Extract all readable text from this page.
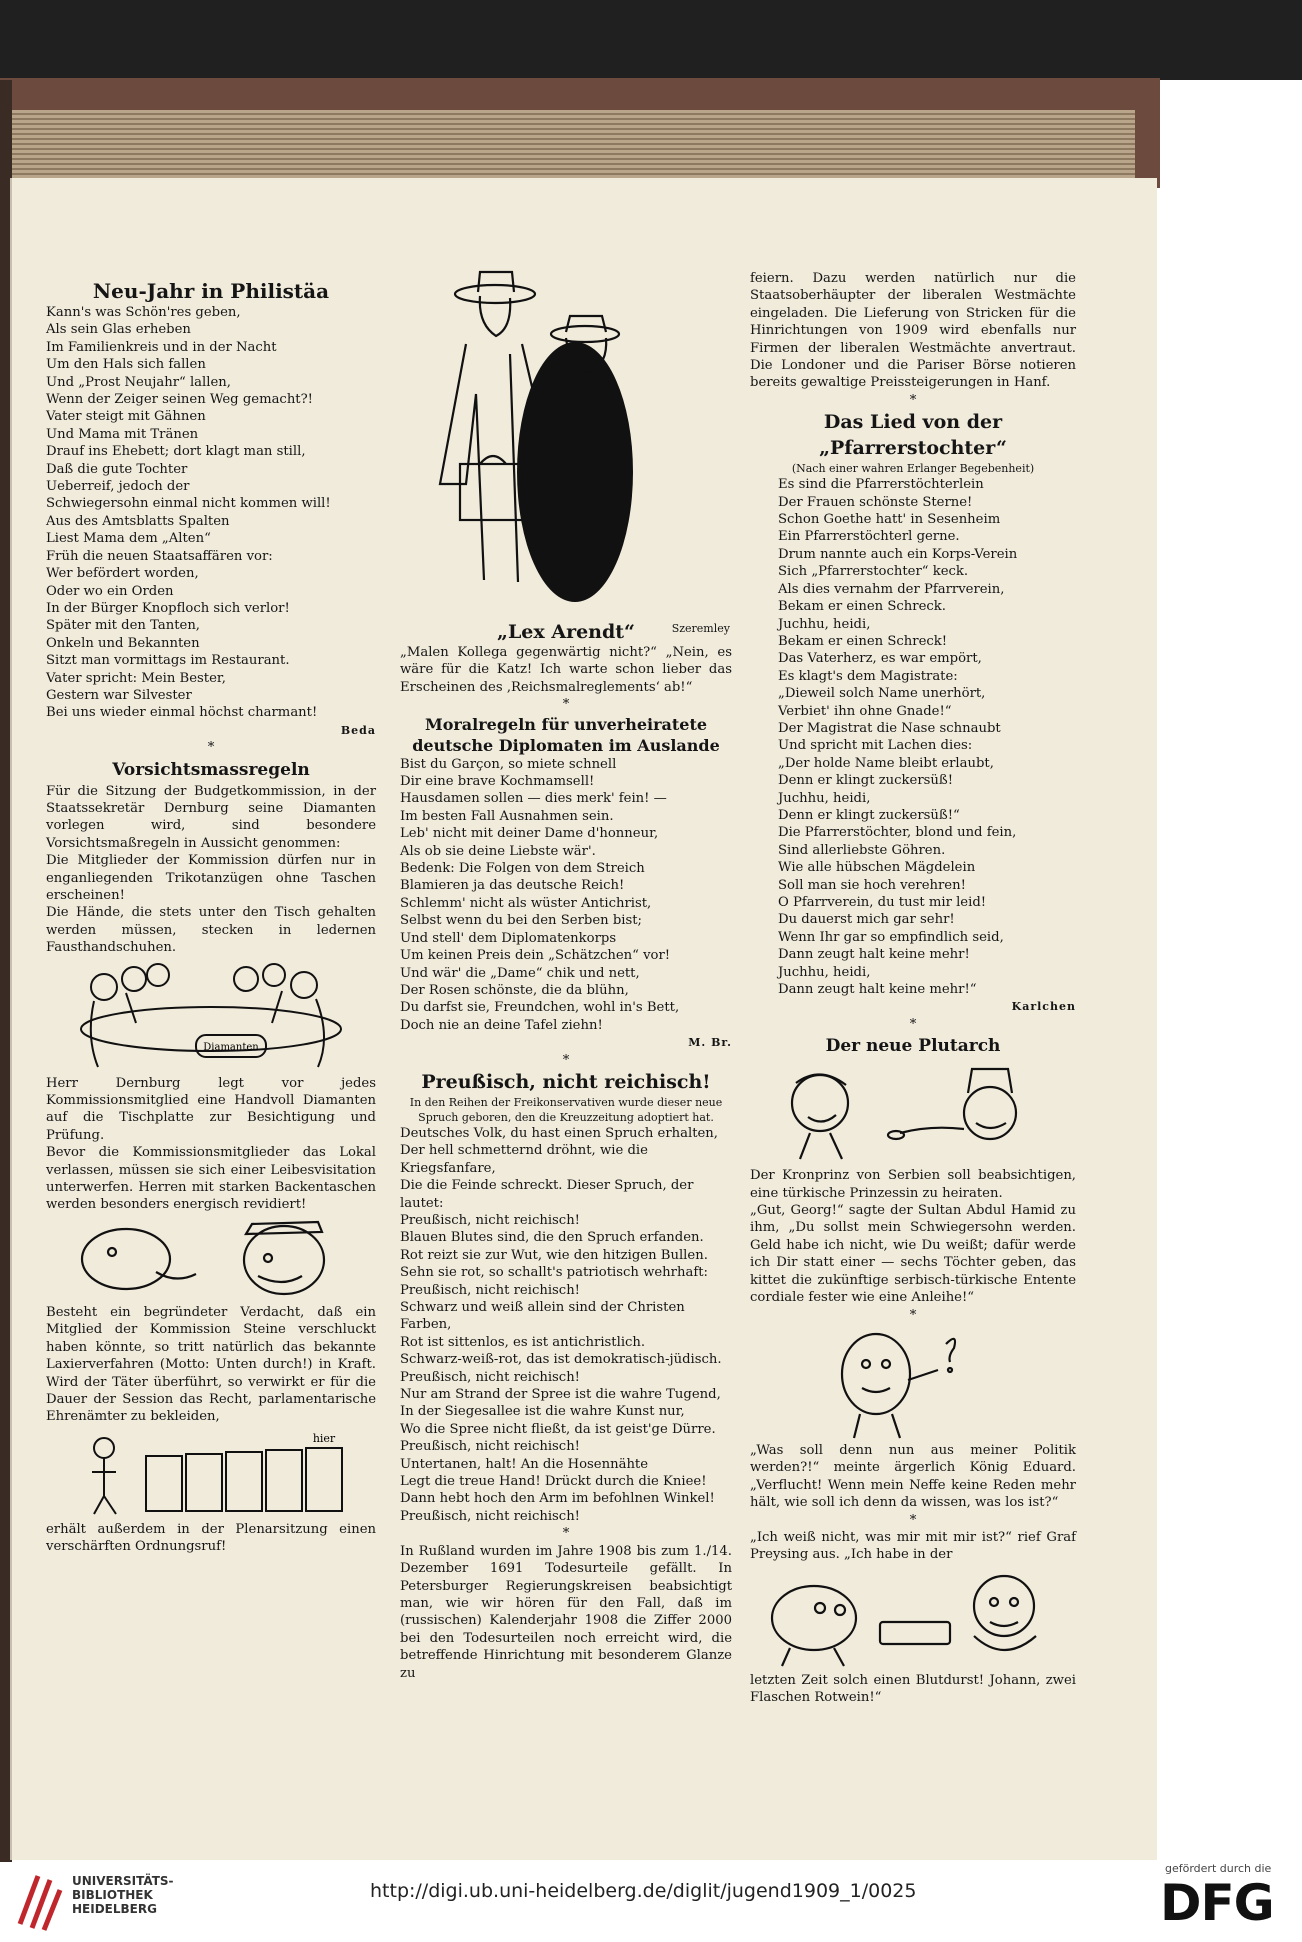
Neu-Jahr in Philistäa

Kann's was Schön'res geben,
Als sein Glas erheben
Im Familienkreis und in der Nacht
Um den Hals sich fallen
Und „Prost Neujahr“ lallen,
Wenn der Zeiger seinen Weg gemacht?!
Vater steigt mit Gähnen
Und Mama mit Tränen
Drauf ins Ehebett; dort klagt man still,
Daß die gute Tochter
Ueberreif, jedoch der
Schwiegersohn einmal nicht kommen will!

Aus des Amtsblatts Spalten
Liest Mama dem „Alten“
Früh die neuen Staatsaffären vor:
Wer befördert worden,
Oder wo ein Orden
In der Bürger Knopfloch sich verlor!
Später mit den Tanten,
Onkeln und Bekannten
Sitzt man vormittags im Restaurant.
Vater spricht: Mein Bester,
Gestern war Silvester
Bei uns wieder einmal höchst charmant!

Beda

*

Vorsichtsmassregeln

Für die Sitzung der Budgetkommission, in der Staatssekretär Dernburg seine Diamanten vorlegen wird, sind besondere Vorsichtsmaßregeln in Aussicht genommen:

Die Mitglieder der Kommission dürfen nur in enganliegenden Trikotanzügen ohne Taschen erscheinen!

Die Hände, die stets unter den Tisch gehalten werden müssen, stecken in ledernen Fausthandschuhen.

Diamanten

Herr Dernburg legt vor jedes Kommissionsmitglied eine Handvoll Diamanten auf die Tischplatte zur Besichtigung und Prüfung.

Bevor die Kommissionsmitglieder das Lokal verlassen, müssen sie sich einer Leibesvisitation unterwerfen. Herren mit starken Backentaschen werden besonders energisch revidiert!

Besteht ein begründeter Verdacht, daß ein Mitglied der Kommission Steine verschluckt haben könnte, so tritt natürlich das bekannte Laxierverfahren (Motto: Unten durch!) in Kraft. Wird der Täter überführt, so verwirkt er für die Dauer der Session das Recht, parlamentarische Ehrenämter zu bekleiden,

hier

erhält außerdem in der Plenarsitzung einen verschärften Ordnungsruf!

„Lex Arendt“	Szeremley

„Malen Kollega gegenwärtig nicht?“ „Nein, es wäre für die Katz! Ich warte schon lieber das Erscheinen des ‚Reichsmalreglements‘ ab!“

*

Moralregeln für unverheiratete deutsche Diplomaten im Auslande

Bist du Garçon, so miete schnell
Dir eine brave Kochmamsell!
Hausdamen sollen — dies merk' fein! —
Im besten Fall Ausnahmen sein.
Leb' nicht mit deiner Dame d'honneur,
Als ob sie deine Liebste wär'.
Bedenk: Die Folgen von dem Streich
Blamieren ja das deutsche Reich!

Schlemm' nicht als wüster Antichrist,
Selbst wenn du bei den Serben bist;
Und stell' dem Diplomatenkorps
Um keinen Preis dein „Schätzchen“ vor!
Und wär' die „Dame“ chik und nett,
Der Rosen schönste, die da blühn,
Du darfst sie, Freundchen, wohl in's Bett,
Doch nie an deine Tafel ziehn!

M. Br.

*

Preußisch, nicht reichisch!

In den Reihen der Freikonservativen wurde dieser neue Spruch geboren, den die Kreuzzeitung adoptiert hat.

Deutsches Volk, du hast einen Spruch erhalten,
Der hell schmetternd dröhnt, wie die Kriegsfanfare,
Die die Feinde schreckt. Dieser Spruch, der lautet:
Preußisch, nicht reichisch!

Blauen Blutes sind, die den Spruch erfanden.
Rot reizt sie zur Wut, wie den hitzigen Bullen.
Sehn sie rot, so schallt's patriotisch wehrhaft:
Preußisch, nicht reichisch!

Schwarz und weiß allein sind der Christen Farben,
Rot ist sittenlos, es ist antichristlich.
Schwarz-weiß-rot, das ist demokratisch-jüdisch.
Preußisch, nicht reichisch!

Nur am Strand der Spree ist die wahre Tugend,
In der Siegesallee ist die wahre Kunst nur,
Wo die Spree nicht fließt, da ist geist'ge Dürre.
Preußisch, nicht reichisch!

Untertanen, halt! An die Hosennähte
Legt die treue Hand! Drückt durch die Kniee!
Dann hebt hoch den Arm im befohlnen Winkel!
Preußisch, nicht reichisch!

*

In Rußland wurden im Jahre 1908 bis zum 1./14. Dezember 1691 Todesurteile gefällt. In Petersburger Regierungskreisen beabsichtigt man, wie wir hören für den Fall, daß im (russischen) Kalenderjahr 1908 die Ziffer 2000 bei den Todesurteilen noch erreicht wird, die betreffende Hinrichtung mit besonderem Glanze zu

feiern. Dazu werden natürlich nur die Staatsoberhäupter der liberalen Westmächte eingeladen. Die Lieferung von Stricken für die Hinrichtungen von 1909 wird ebenfalls nur Firmen der liberalen Westmächte anvertraut. Die Londoner und die Pariser Börse notieren bereits gewaltige Preissteigerungen in Hanf.

*

Das Lied von der „Pfarrerstochter“

(Nach einer wahren Erlanger Begebenheit)

Es sind die Pfarrerstöchterlein
Der Frauen schönste Sterne!
Schon Goethe hatt' in Sesenheim
Ein Pfarrerstöchterl gerne.
Drum nannte auch ein Korps-Verein
Sich „Pfarrerstochter“ keck.
Als dies vernahm der Pfarrverein,
Bekam er einen Schreck.
Juchhu, heidi,
Bekam er einen Schreck!

Das Vaterherz, es war empört,
Es klagt's dem Magistrate:
„Dieweil solch Name unerhört,
Verbiet' ihn ohne Gnade!“
Der Magistrat die Nase schnaubt
Und spricht mit Lachen dies:
„Der holde Name bleibt erlaubt,
Denn er klingt zuckersüß!
Juchhu, heidi,
Denn er klingt zuckersüß!“

Die Pfarrerstöchter, blond und fein,
Sind allerliebste Göhren.
Wie alle hübschen Mägdelein
Soll man sie hoch verehren!
O Pfarrverein, du tust mir leid!
Du dauerst mich gar sehr!
Wenn Ihr gar so empfindlich seid,
Dann zeugt halt keine mehr!
Juchhu, heidi,
Dann zeugt halt keine mehr!“

Karlchen

*

Der neue Plutarch

Der Kronprinz von Serbien soll beabsichtigen, eine türkische Prinzessin zu heiraten.

„Gut, Georg!“ sagte der Sultan Abdul Hamid zu ihm, „Du sollst mein Schwiegersohn werden. Geld habe ich nicht, wie Du weißt; dafür werde ich Dir statt einer — sechs Töchter geben, das kittet die zukünftige serbisch-türkische Entente cordiale fester wie eine Anleihe!“

*

„Was soll denn nun aus meiner Politik werden?!“ meinte ärgerlich König Eduard. „Verflucht! Wenn mein Neffe keine Reden mehr hält, wie soll ich denn da wissen, was los ist?“

*

„Ich weiß nicht, was mir mit mir ist?“ rief Graf Preysing aus. „Ich habe in der

letzten Zeit solch einen Blutdurst! Johann, zwei Flaschen Rotwein!“

UNIVERSITÄTS-
BIBLIOTHEK
HEIDELBERG
http://digi.ub.uni-heidelberg.de/diglit/jugend1909_1/0025
gefördert durch die
DFG
